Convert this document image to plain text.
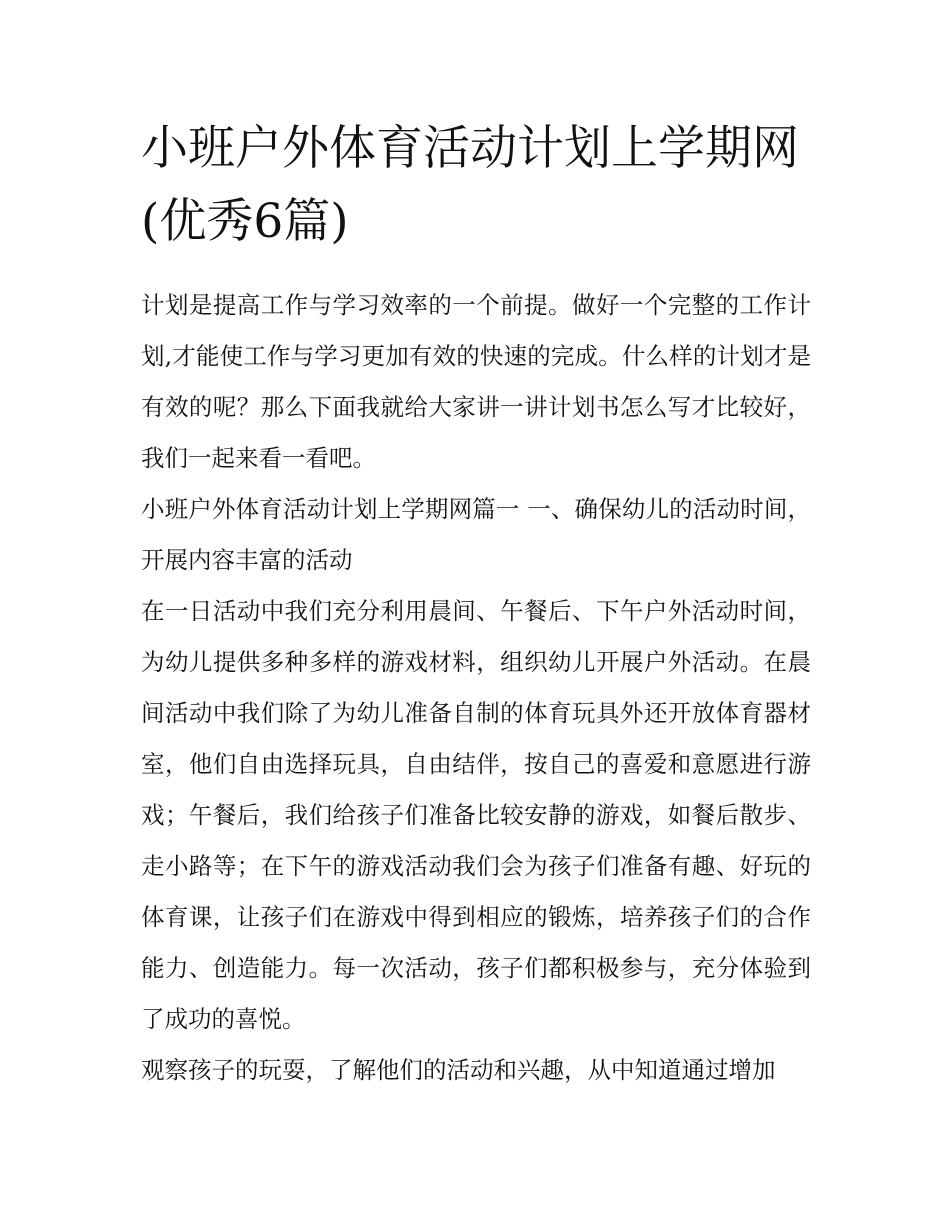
小班户外体育活动计划上学期网(优秀6篇)

计划是提高工作与学习效率的一个前提。做好一个完整的工作计划,才能使工作与学习更加有效的快速的完成。什么样的计划才是有效的呢？那么下面我就给大家讲一讲计划书怎么写才比较好，我们一起来看一看吧。

小班户外体育活动计划上学期网篇一 一、确保幼儿的活动时间，开展内容丰富的活动

在一日活动中我们充分利用晨间、午餐后、下午户外活动时间，为幼儿提供多种多样的游戏材料，组织幼儿开展户外活动。在晨间活动中我们除了为幼儿准备自制的体育玩具外还开放体育器材室，他们自由选择玩具，自由结伴，按自己的喜爱和意愿进行游戏；午餐后，我们给孩子们准备比较安静的游戏，如餐后散步、走小路等；在下午的游戏活动我们会为孩子们准备有趣、好玩的体育课，让孩子们在游戏中得到相应的锻炼，培养孩子们的合作能力、创造能力。每一次活动，孩子们都积极参与，充分体验到了成功的喜悦。

观察孩子的玩耍，了解他们的活动和兴趣，从中知道通过增加
